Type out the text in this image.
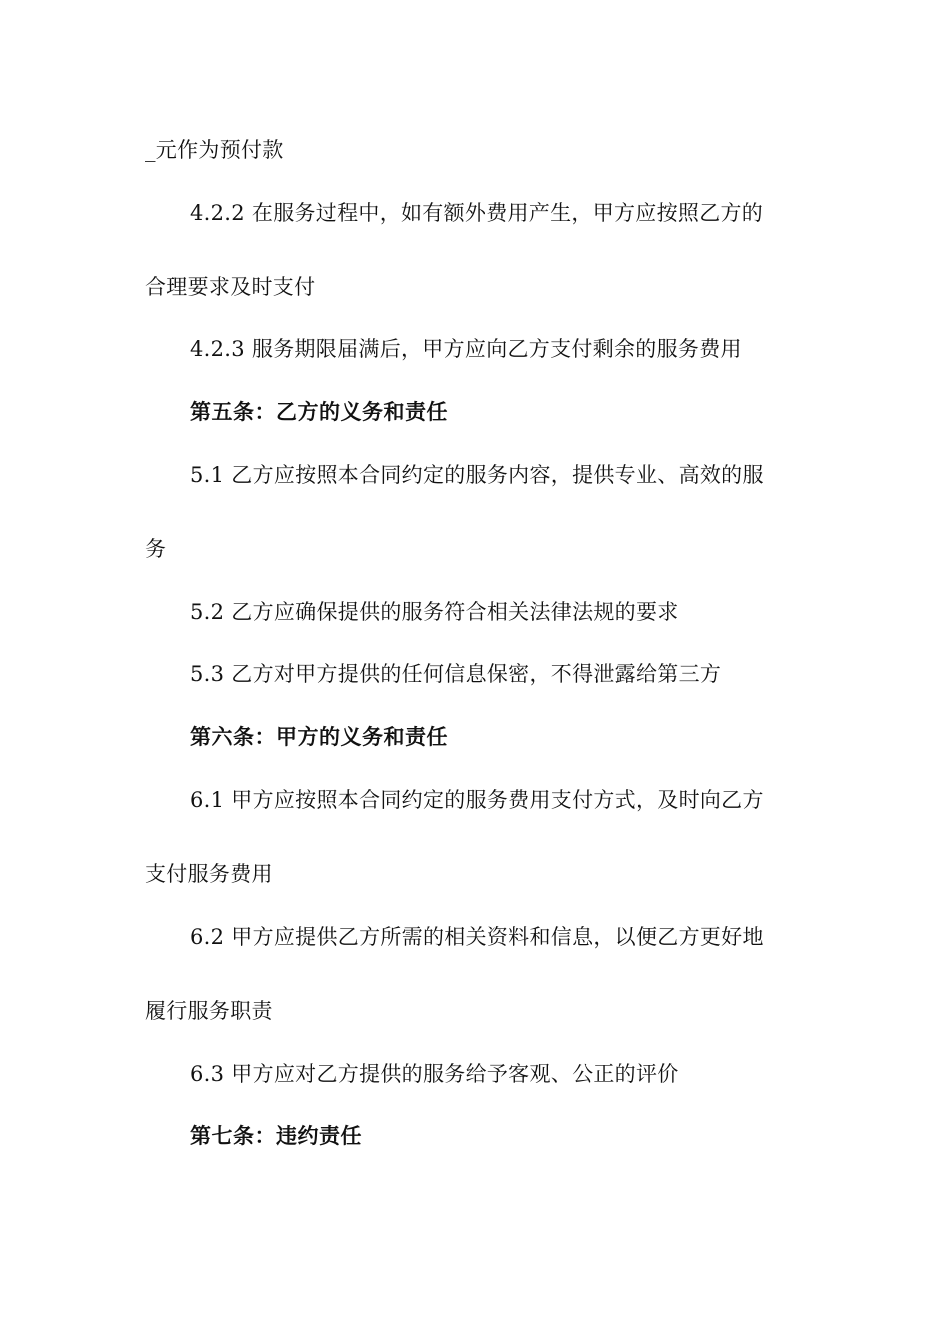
_元作为预付款
4.2.2 在服务过程中，如有额外费用产生，甲方应按照乙方的
合理要求及时支付
4.2.3 服务期限届满后，甲方应向乙方支付剩余的服务费用
第五条：乙方的义务和责任
5.1 乙方应按照本合同约定的服务内容，提供专业、高效的服
务
5.2 乙方应确保提供的服务符合相关法律法规的要求
5.3 乙方对甲方提供的任何信息保密，不得泄露给第三方
第六条：甲方的义务和责任
6.1 甲方应按照本合同约定的服务费用支付方式，及时向乙方
支付服务费用
6.2 甲方应提供乙方所需的相关资料和信息，以便乙方更好地
履行服务职责
6.3 甲方应对乙方提供的服务给予客观、公正的评价
第七条：违约责任
